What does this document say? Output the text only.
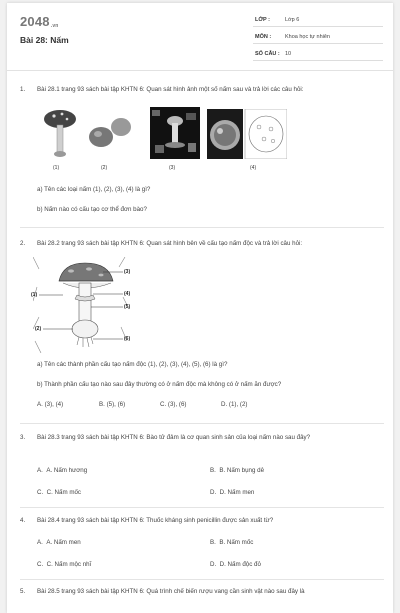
2048.vn
Bài 28: Nấm
LỚP :	Lớp 6
MÔN :	Khoa học tự nhiên
SỐ CÂU : 10
1. Bài 28.1 trang 93 sách bài tập KHTN 6: Quan sát hình ảnh một số nấm sau và trả lời các câu hỏi:
(1)	(2)	(3)	(4)
a) Tên các loại nấm (1), (2), (3), (4) là gì?
b) Nấm nào có cấu tạo cơ thể đơn bào?
2. Bài 28.2 trang 93 sách bài tập KHTN 6: Quan sát hình bên về cấu tạo nấm độc và trả lời câu hỏi:
(1)
(2)
(3)
(4)
(5)
(6)
a) Tên các thành phần cấu tạo nấm độc (1), (2), (3), (4), (5), (6) là gì?
b) Thành phần cấu tạo nào sau đây thường có ở nấm độc mà không có ở nấm ăn được?
A. (3), (4)	B. (5), (6)	C. (3), (6)	D. (1), (2)
3. Bài 28.3 trang 93 sách bài tập KHTN 6: Bào tử đảm là cơ quan sinh sản của loại nấm nào sau đây?
A. A. Nấm hương	B. B. Nấm bụng dê
C. C. Nấm mốc	D. D. Nấm men
4. Bài 28.4 trang 93 sách bài tập KHTN 6: Thuốc kháng sinh penicillin được sản xuất từ?
A. A. Nấm men	B. B. Nấm mốc
C. C. Nấm mộc nhĩ	D. D. Nấm độc đỏ
5. Bài 28.5 trang 93 sách bài tập KHTN 6: Quá trình chế biến rượu vang cần sinh vật nào sau đây là
